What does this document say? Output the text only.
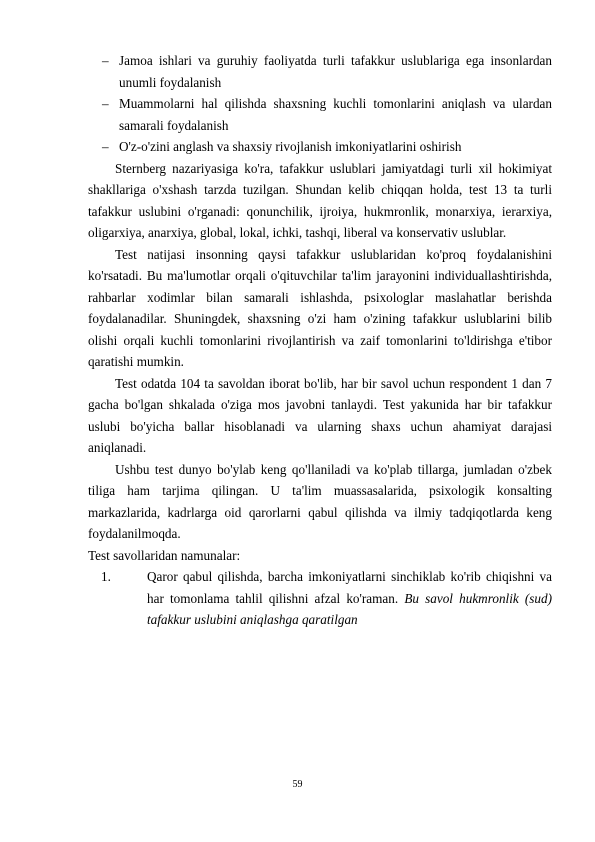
– Jamoa ishlari va guruhiy faoliyatda turli tafakkur uslublariga ega insonlardan unumli foydalanish
– Muammolarni hal qilishda shaxsning kuchli tomonlarini aniqlash va ulardan samarali foydalanish
– O'z-o'zini anglash va shaxsiy rivojlanish imkoniyatlarini oshirish

Sternberg nazariyasiga ko'ra, tafakkur uslublari jamiyatdagi turli xil hokimiyat shakllariga o'xshash tarzda tuzilgan. Shundan kelib chiqqan holda, test 13 ta turli tafakkur uslubini o'rganadi: qonunchilik, ijroiya, hukmronlik, monarxiya, ierarxiya, oligarxiya, anarxiya, global, lokal, ichki, tashqi, liberal va konservativ uslublar.

Test natijasi insonning qaysi tafakkur uslublaridan ko'proq foydalanishini ko'rsatadi. Bu ma'lumotlar orqali o'qituvchilar ta'lim jarayonini individuallashtirishda, rahbarlar xodimlar bilan samarali ishlashda, psixologlar maslahatlar berishda foydalanadilar. Shuningdek, shaxsning o'zi ham o'zining tafakkur uslublarini bilib olishi orqali kuchli tomonlarini rivojlantirish va zaif tomonlarini to'ldirishga e'tibor qaratishi mumkin.

Test odatda 104 ta savoldan iborat bo'lib, har bir savol uchun respondent 1 dan 7 gacha bo'lgan shkalada o'ziga mos javobni tanlaydi. Test yakunida har bir tafakkur uslubi bo'yicha ballar hisoblanadi va ularning shaxs uchun ahamiyat darajasi aniqlanadi.

Ushbu test dunyo bo'ylab keng qo'llaniladi va ko'plab tillarga, jumladan o'zbek tiliga ham tarjima qilingan. U ta'lim muassasalarida, psixologik konsalting markazlarida, kadrlarga oid qarorlarni qabul qilishda va ilmiy tadqiqotlarda keng foydalanilmoqda.

Test savollaridan namunalar:

1.	Qaror qabul qilishda, barcha imkoniyatlarni sinchiklab ko'rib chiqishni va har tomonlama tahlil qilishni afzal ko'raman. Bu savol hukmronlik (sud) tafakkur uslubini aniqlashga qaratilgan
59
